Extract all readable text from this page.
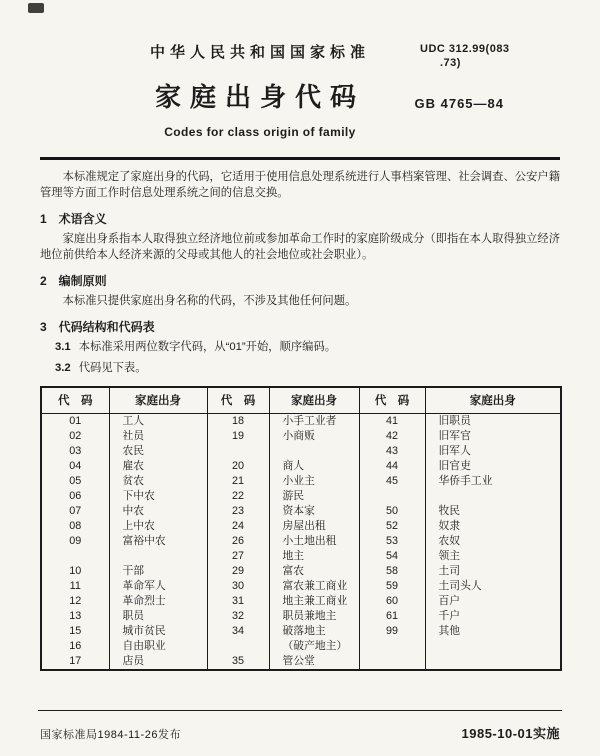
中华人民共和国国家标准	UDC 312.99(083
.73)
家庭出身代码	GB 4765—84
Codes for class origin of family

本标准规定了家庭出身的代码，它适用于使用信息处理系统进行人事档案管理、社会调查、公安户籍管理等方面工作时信息处理系统之间的信息交换。

1　术语含义

家庭出身系指本人取得独立经济地位前或参加革命工作时的家庭阶级成分（即指在本人取得独立经济地位前供给本人经济来源的父母或其他人的社会地位或社会职业）。

2　编制原则

本标准只提供家庭出身名称的代码，不涉及其他任何问题。

3　代码结构和代码表

3.1 本标准采用两位数字代码，从“01”开始，顺序编码。

3.2 代码见下表。

代　码	家庭出身	代　码	家庭出身	代　码	家庭出身
01	工人	18	小手工业者	41	旧职员
02	社员	19	小商贩	42	旧军官
03	农民			43	旧军人
04	雇农	20	商人	44	旧官吏
05	贫农	21	小业主	45	华侨手工业
06	下中农	22	游民		
07	中农	23	资本家	50	牧民
08	上中农	24	房屋出租	52	奴隶
09	富裕中农	26	小土地出租	53	农奴
		27	地主	54	领主
10	干部	29	富农	58	土司
11	革命军人	30	富农兼工商业	59	土司头人
12	革命烈士	31	地主兼工商业	60	百户
13	职员	32	职员兼地主	61	千户
15	城市贫民	34	破落地主	99	其他
16	自由职业		（破产地主）		
17	店员	35	管公堂		
国家标准局1984-11-26发布	1985-10-01实施
